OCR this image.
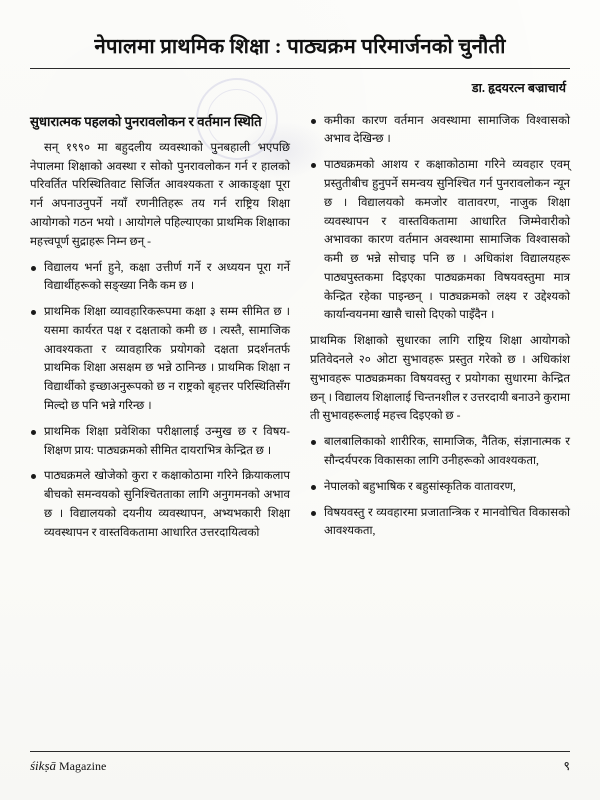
नेपालमा प्राथमिक शिक्षा : पाठ्यक्रम परिमार्जनको चुनौती
डा. हृदयरत्न बज्राचार्य
सुधारात्मक पहलको पुनरावलोकन र वर्तमान स्थिति

सन् १९९० मा बहुदलीय व्यवस्थाको पुनबहाली भएपछि नेपालमा शिक्षाको अवस्था र सोको पुनरावलोकन गर्न र हालको परिवर्तित परिस्थितिवाट सिर्जित आवश्यकता र आकाङ्क्षा पूरा गर्न अपनाउनुपर्ने नयाँ रणनीतिहरू तय गर्न राष्ट्रिय शिक्षा आयोगको गठन भयो । आयोगले पहिल्याएका प्राथमिक शिक्षाका महत्त्वपूर्ण सुद्राहरू निम्न छन् -

विद्यालय भर्ना हुने, कक्षा उत्तीर्ण गर्ने र अध्ययन पूरा गर्ने विद्यार्थीहरूको सङ्ख्या निकै कम छ ।
प्राथमिक शिक्षा व्यावहारिकरूपमा कक्षा ३ सम्म सीमित छ । यसमा कार्यरत पक्ष र दक्षताको कमी छ । त्यस्तै, सामाजिक आवश्यकता र व्यावहारिक प्रयोगको दक्षता प्रदर्शनतर्फ प्राथमिक शिक्षा असक्षम छ भन्ने ठानिन्छ । प्राथमिक शिक्षा न विद्यार्थीको इच्छाअनुरूपको छ न राष्ट्रको बृहत्तर परिस्थितिसँग मिल्दो छ पनि भन्ने गरिन्छ ।
प्राथमिक शिक्षा प्रवेशिका परीक्षालाई उन्मुख छ र विषय-शिक्षण प्राय: पाठ्यक्रमको सीमित दायराभित्र केन्द्रित छ ।
पाठ्यक्रमले खोजेको कुरा र कक्षाकोठामा गरिने क्रियाकलाप बीचको समन्वयको सुनिश्चितताका लागि अनुगमनको अभाव छ । विद्यालयको दयनीय व्यवस्थापन, अभ्यभकारी शिक्षा व्यवस्थापन र वास्तविकतामा आधारित उत्तरदायित्वको
कमीका कारण वर्तमान अवस्थामा सामाजिक विश्वासको अभाव देखिन्छ ।
पाठ्यक्रमको आशय र कक्षाकोठामा गरिने व्यवहार एवम् प्रस्तुतीबीच हुनुपर्ने समन्वय सुनिश्चित गर्न पुनरावलोकन न्यून छ । विद्यालयको कमजोर वातावरण, नाजुक शिक्षा व्यवस्थापन र वास्तविकतामा आधारित जिम्मेवारीको अभावका कारण वर्तमान अवस्थामा सामाजिक विश्वासको कमी छ भन्ने सोचाइ पनि छ । अधिकांश विद्यालयहरू पाठ्यपुस्तकमा दिइएका पाठ्यक्रमका विषयवस्तुमा मात्र केन्द्रित रहेका पाइन्छन् । पाठ्यक्रमको लक्ष्य र उद्देश्यको कार्यान्वयनमा खासै चासो दिएको पाइँदैन ।

प्राथमिक शिक्षाको सुधारका लागि राष्ट्रिय शिक्षा आयोगको प्रतिवेदनले २० ओटा सुभावहरू प्रस्तुत गरेको छ । अधिकांश सुभावहरू पाठ्यक्रमका विषयवस्तु र प्रयोगका सुधारमा केन्द्रित छन् । विद्यालय शिक्षालाई चिन्तनशील र उत्तरदायी बनाउने कुरामा ती सुभावहरूलाई महत्त्व दिइएको छ -

बालबालिकाको शारीरिक, सामाजिक, नैतिक, संज्ञानात्मक र सौन्दर्यपरक विकासका लागि उनीहरूको आवश्यकता,
नेपालको बहुभाषिक र बहुसांस्कृतिक वातावरण,
विषयवस्तु र व्यवहारमा प्रजातान्त्रिक र मानवोचित विकासको आवश्यकता,
śikṣā Magazine	९
